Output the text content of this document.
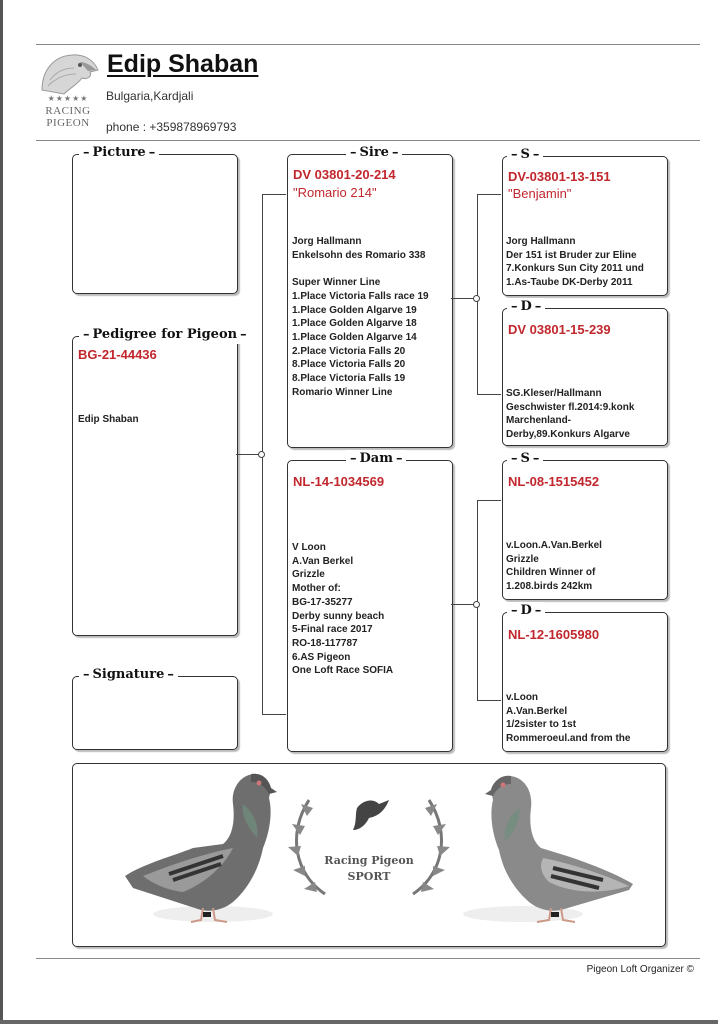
★★★★★
RACING
PIGEON
Edip Shaban
Bulgaria,Kardjali
phone : +359878969793
– Picture –
– Pedigree for Pigeon –
BG-21-44436
Edip Shaban
– Signature –
– Sire –
DV 03801-20-214
"Romario 214"
Jorg Hallmann
Enkelsohn des Romario 338

Super Winner Line
1.Place Victoria Falls race 19
1.Place Golden Algarve 19
1.Place Golden Algarve 18
1.Place Golden Algarve 14
2.Place Victoria Falls 20
8.Place Victoria Falls 20
8.Place Victoria Falls 19
Romario Winner Line
– Dam –
NL-14-1034569
V Loon
A.Van Berkel
Grizzle
Mother of:
BG-17-35277
Derby sunny beach
5-Final race 2017
RO-18-117787
6.AS Pigeon
One Loft Race SOFIA
– S –
DV-03801-13-151
"Benjamin"
Jorg Hallmann
Der 151 ist Bruder zur Eline
7.Konkurs Sun City 2011 und
1.As-Taube DK-Derby 2011
– D –
DV 03801-15-239
SG.Kleser/Hallmann
Geschwister fl.2014:9.konk
Marchenland-
Derby,89.Konkurs Algarve
– S –
NL-08-1515452
v.Loon.A.Van.Berkel
Grizzle
Children Winner of
1.208.birds 242km
– D –
NL-12-1605980
v.Loon
A.Van.Berkel
1/2sister to 1st
Rommeroeul.and from the
Racing Pigeon
SPORT
Pigeon Loft Organizer ©
